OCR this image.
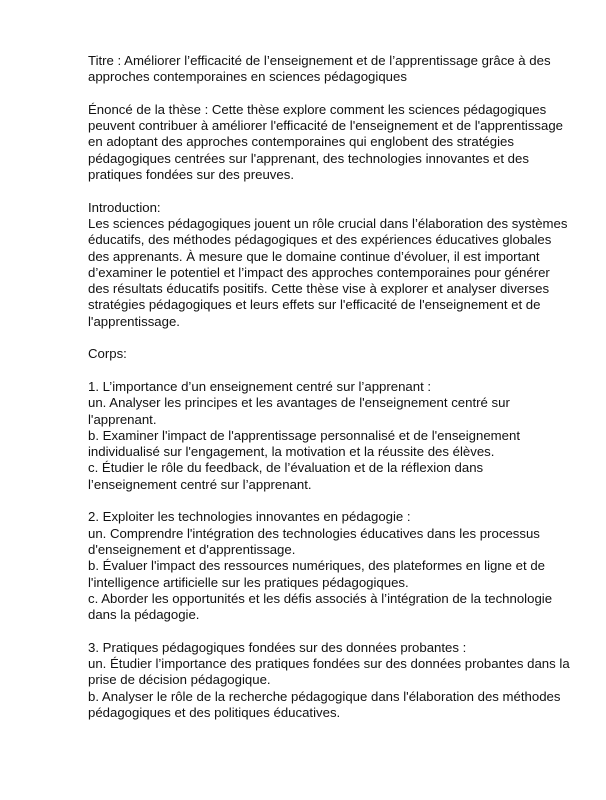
Titre : Améliorer l’efficacité de l’enseignement et de l’apprentissage grâce à des approches contemporaines en sciences pédagogiques

Énoncé de la thèse : Cette thèse explore comment les sciences pédagogiques peuvent contribuer à améliorer l'efficacité de l'enseignement et de l'apprentissage en adoptant des approches contemporaines qui englobent des stratégies pédagogiques centrées sur l'apprenant, des technologies innovantes et des pratiques fondées sur des preuves.

Introduction:

Les sciences pédagogiques jouent un rôle crucial dans l’élaboration des systèmes éducatifs, des méthodes pédagogiques et des expériences éducatives globales des apprenants. À mesure que le domaine continue d’évoluer, il est important d’examiner le potentiel et l’impact des approches contemporaines pour générer des résultats éducatifs positifs. Cette thèse vise à explorer et analyser diverses stratégies pédagogiques et leurs effets sur l'efficacité de l'enseignement et de l'apprentissage.

Corps:

1. L’importance d’un enseignement centré sur l’apprenant :

un. Analyser les principes et les avantages de l'enseignement centré sur l'apprenant.

b. Examiner l'impact de l'apprentissage personnalisé et de l'enseignement individualisé sur l'engagement, la motivation et la réussite des élèves.

c. Étudier le rôle du feedback, de l’évaluation et de la réflexion dans l’enseignement centré sur l’apprenant.

2. Exploiter les technologies innovantes en pédagogie :

un. Comprendre l'intégration des technologies éducatives dans les processus d'enseignement et d'apprentissage.

b. Évaluer l'impact des ressources numériques, des plateformes en ligne et de l'intelligence artificielle sur les pratiques pédagogiques.

c. Aborder les opportunités et les défis associés à l’intégration de la technologie dans la pédagogie.

3. Pratiques pédagogiques fondées sur des données probantes :

un. Étudier l’importance des pratiques fondées sur des données probantes dans la prise de décision pédagogique.

b. Analyser le rôle de la recherche pédagogique dans l'élaboration des méthodes pédagogiques et des politiques éducatives.
